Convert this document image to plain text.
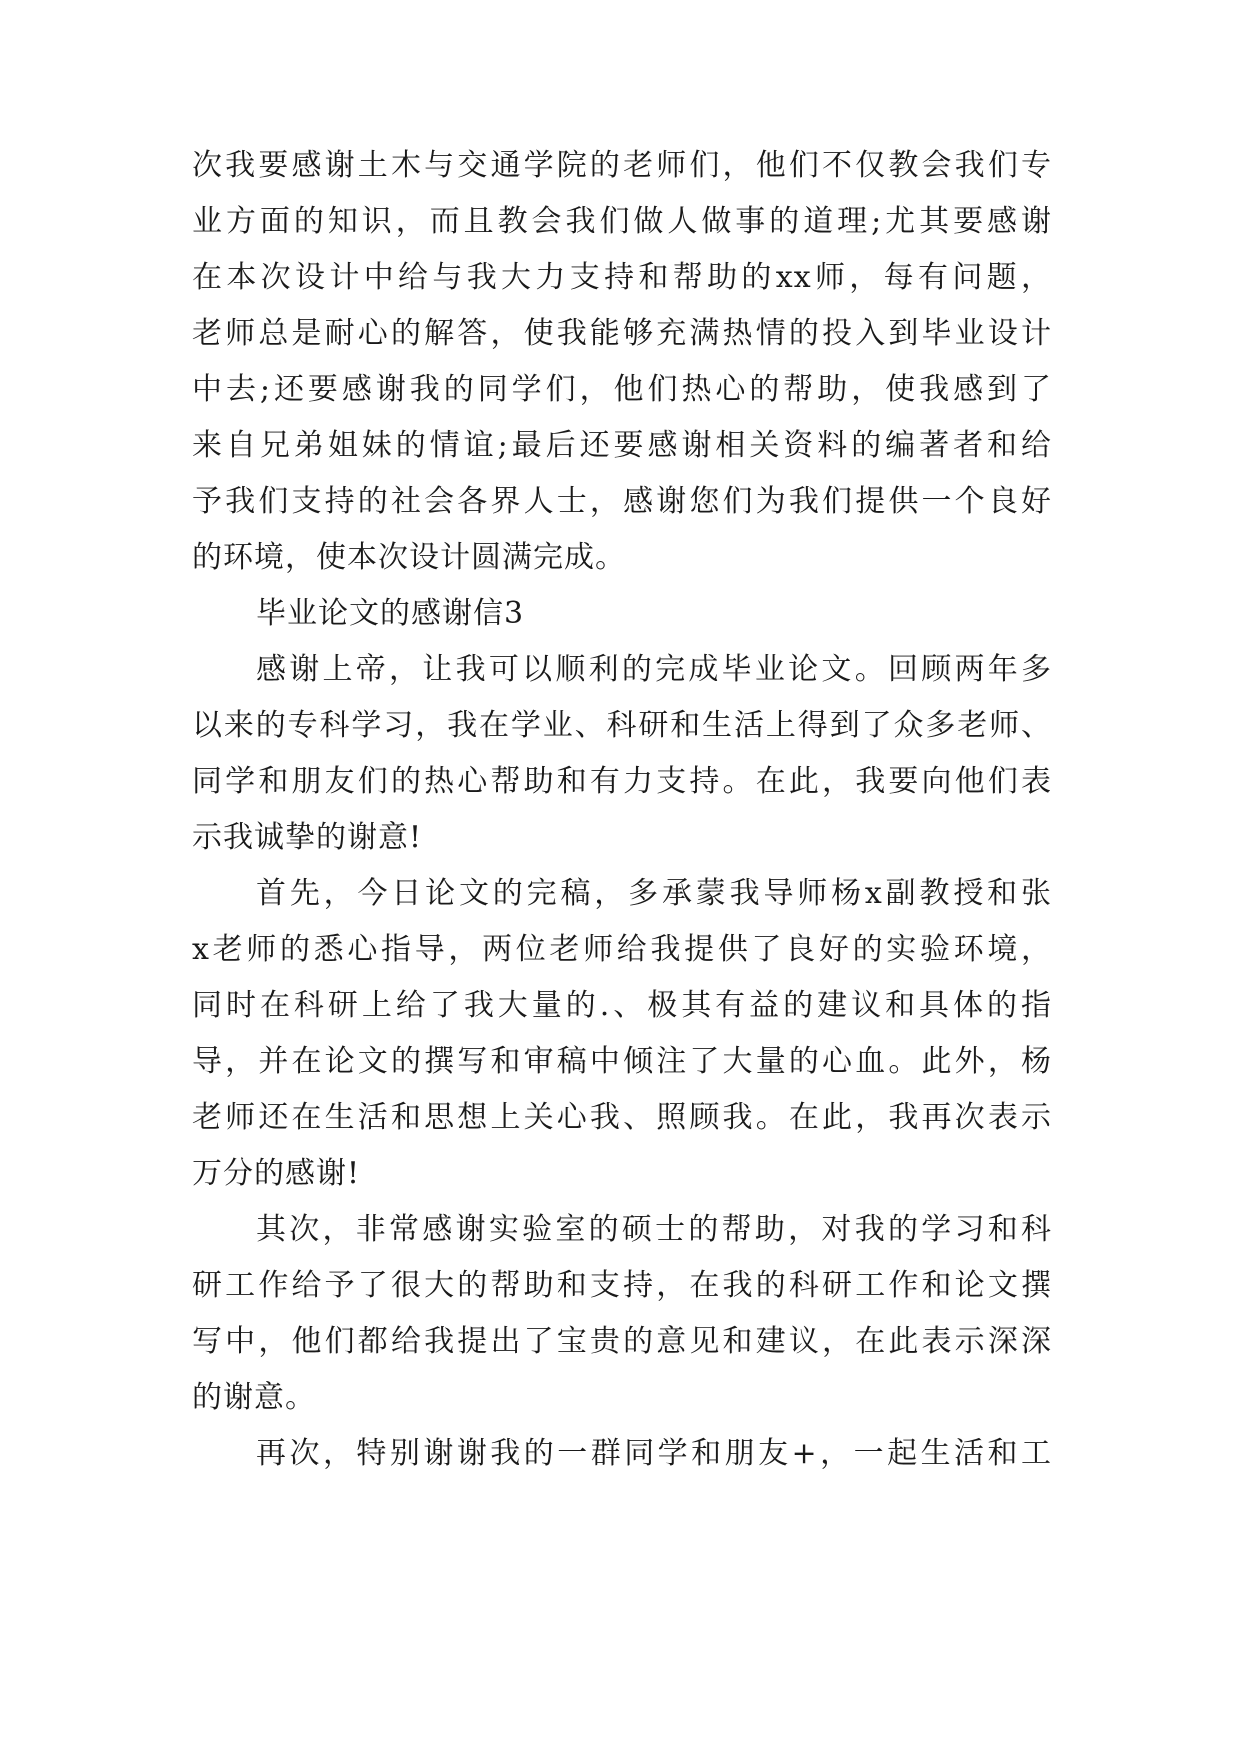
次我要感谢土木与交通学院的老师们，他们不仅教会我们专
业方面的知识，而且教会我们做人做事的道理;尤其要感谢
在本次设计中给与我大力支持和帮助的xx师，每有问题，
老师总是耐心的解答，使我能够充满热情的投入到毕业设计
中去;还要感谢我的同学们，他们热心的帮助，使我感到了
来自兄弟姐妹的情谊;最后还要感谢相关资料的编著者和给
予我们支持的社会各界人士，感谢您们为我们提供一个良好
的环境，使本次设计圆满完成。
毕业论文的感谢信3
感谢上帝，让我可以顺利的完成毕业论文。回顾两年多
以来的专科学习，我在学业、科研和生活上得到了众多老师、
同学和朋友们的热心帮助和有力支持。在此，我要向他们表
示我诚挚的谢意!
首先，今日论文的完稿，多承蒙我导师杨x副教授和张
x老师的悉心指导，两位老师给我提供了良好的实验环境，
同时在科研上给了我大量的.、极其有益的建议和具体的指
导，并在论文的撰写和审稿中倾注了大量的心血。此外，杨
老师还在生活和思想上关心我、照顾我。在此，我再次表示
万分的感谢!
其次，非常感谢实验室的硕士的帮助，对我的学习和科
研工作给予了很大的帮助和支持，在我的科研工作和论文撰
写中，他们都给我提出了宝贵的意见和建议，在此表示深深
的谢意。
再次，特别谢谢我的一群同学和朋友+，一起生活和工
